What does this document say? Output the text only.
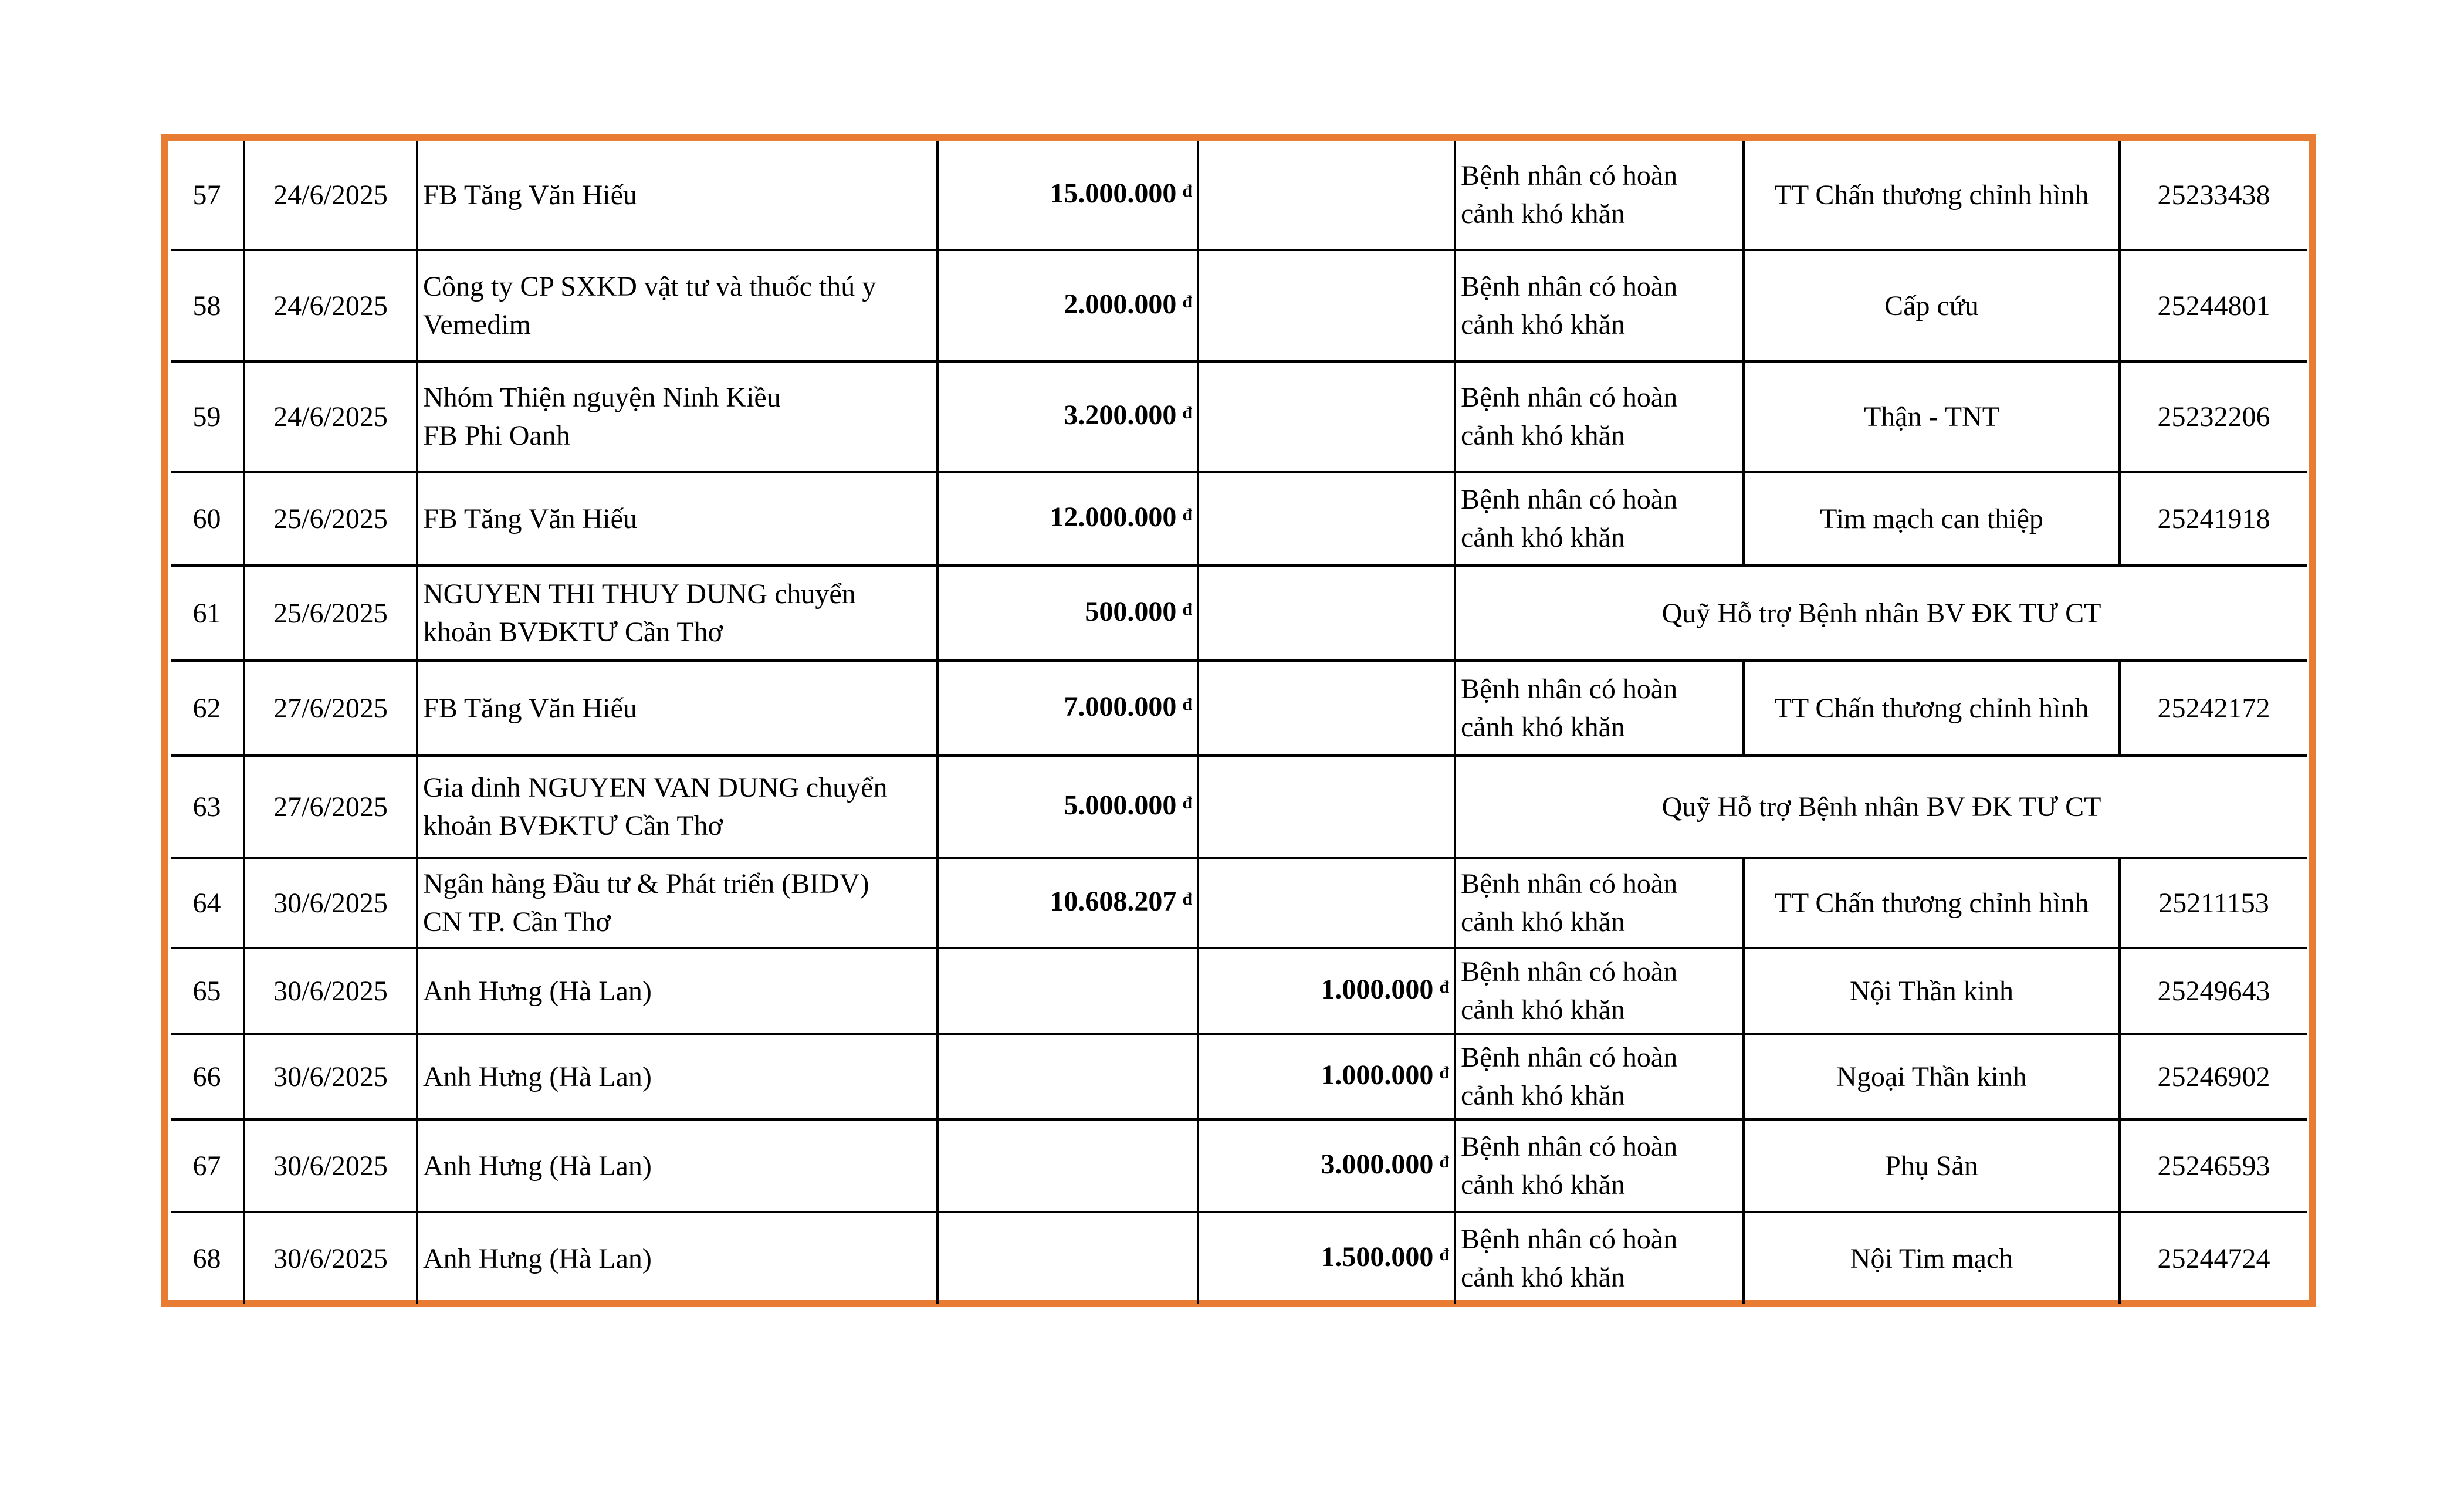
57	24/6/2025	FB Tăng Văn Hiếu	15.000.000 $^đ$		Bệnh nhân có hoàn
cảnh khó khăn	TT Chấn thương chỉnh hình	25233438
58	24/6/2025	Công ty CP SXKD vật tư và thuốc thú y
Vemedim	2.000.000 $^đ$		Bệnh nhân có hoàn
cảnh khó khăn	Cấp cứu	25244801
59	24/6/2025	Nhóm Thiện nguyện Ninh Kiều
FB Phi Oanh	3.200.000 $^đ$		Bệnh nhân có hoàn
cảnh khó khăn	Thận - TNT	25232206
60	25/6/2025	FB Tăng Văn Hiếu	12.000.000 $^đ$		Bệnh nhân có hoàn
cảnh khó khăn	Tim mạch can thiệp	25241918
61	25/6/2025	NGUYEN THI THUY DUNG chuyển
khoản BVĐKTƯ Cần Thơ	500.000 $^đ$		Quỹ Hỗ trợ Bệnh nhân BV ĐK TƯ CT		
62	27/6/2025	FB Tăng Văn Hiếu	7.000.000 $^đ$		Bệnh nhân có hoàn
cảnh khó khăn	TT Chấn thương chỉnh hình	25242172
63	27/6/2025	Gia dinh NGUYEN VAN DUNG chuyển
khoản BVĐKTƯ Cần Thơ	5.000.000 $^đ$		Quỹ Hỗ trợ Bệnh nhân BV ĐK TƯ CT		
64	30/6/2025	Ngân hàng Đầu tư & Phát triển (BIDV)
CN TP. Cần Thơ	10.608.207 $^đ$		Bệnh nhân có hoàn
cảnh khó khăn	TT Chấn thương chỉnh hình	25211153
65	30/6/2025	Anh Hưng (Hà Lan)		1.000.000 $^đ$	Bệnh nhân có hoàn
cảnh khó khăn	Nội Thần kinh	25249643
66	30/6/2025	Anh Hưng (Hà Lan)		1.000.000 $^đ$	Bệnh nhân có hoàn
cảnh khó khăn	Ngoại Thần kinh	25246902
67	30/6/2025	Anh Hưng (Hà Lan)		3.000.000 $^đ$	Bệnh nhân có hoàn
cảnh khó khăn	Phụ Sản	25246593
68	30/6/2025	Anh Hưng (Hà Lan)		1.500.000 $^đ$	Bệnh nhân có hoàn
cảnh khó khăn	Nội Tim mạch	25244724
